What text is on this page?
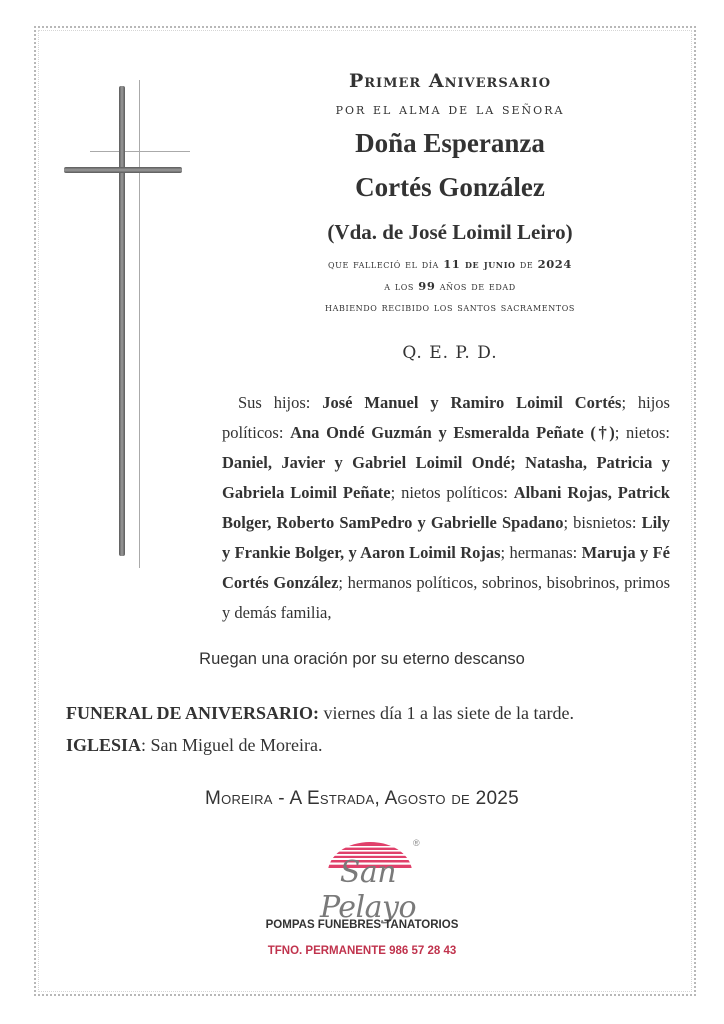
Primer Aniversario
por el alma de la señora
Doña Esperanza
Cortés González
(Vda. de José Loimil Leiro)
que falleció el día 11 de junio de 2024
a los 99 años de edad
habiendo recibido los santos sacramentos
Q. E. P. D.
Sus hijos: José Manuel y Ramiro Loimil Cortés; hijos políticos: Ana Ondé Guzmán y Esmeralda Peñate (†); nietos: Daniel, Javier y Gabriel Loimil Ondé; Natasha, Patricia y Gabriela Loimil Peñate; nietos políticos: Albani Rojas, Patrick Bolger, Roberto SamPedro y Gabrielle Spadano; bisnietos: Lily y Frankie Bolger, y Aaron Loimil Rojas; hermanas: Maruja y Fé Cortés González; hermanos políticos, sobrinos, bisobrinos, primos y demás familia,
Ruegan una oración por su eterno descanso
FUNERAL DE ANIVERSARIO: viernes día 1 a las siete de la tarde.
IGLESIA: San Miguel de Moreira.
Moreira - A Estrada, Agosto de 2025
San Pelayo
®
POMPAS FUNEBRES TANATORIOS
TFNO. PERMANENTE 986 57 28 43
